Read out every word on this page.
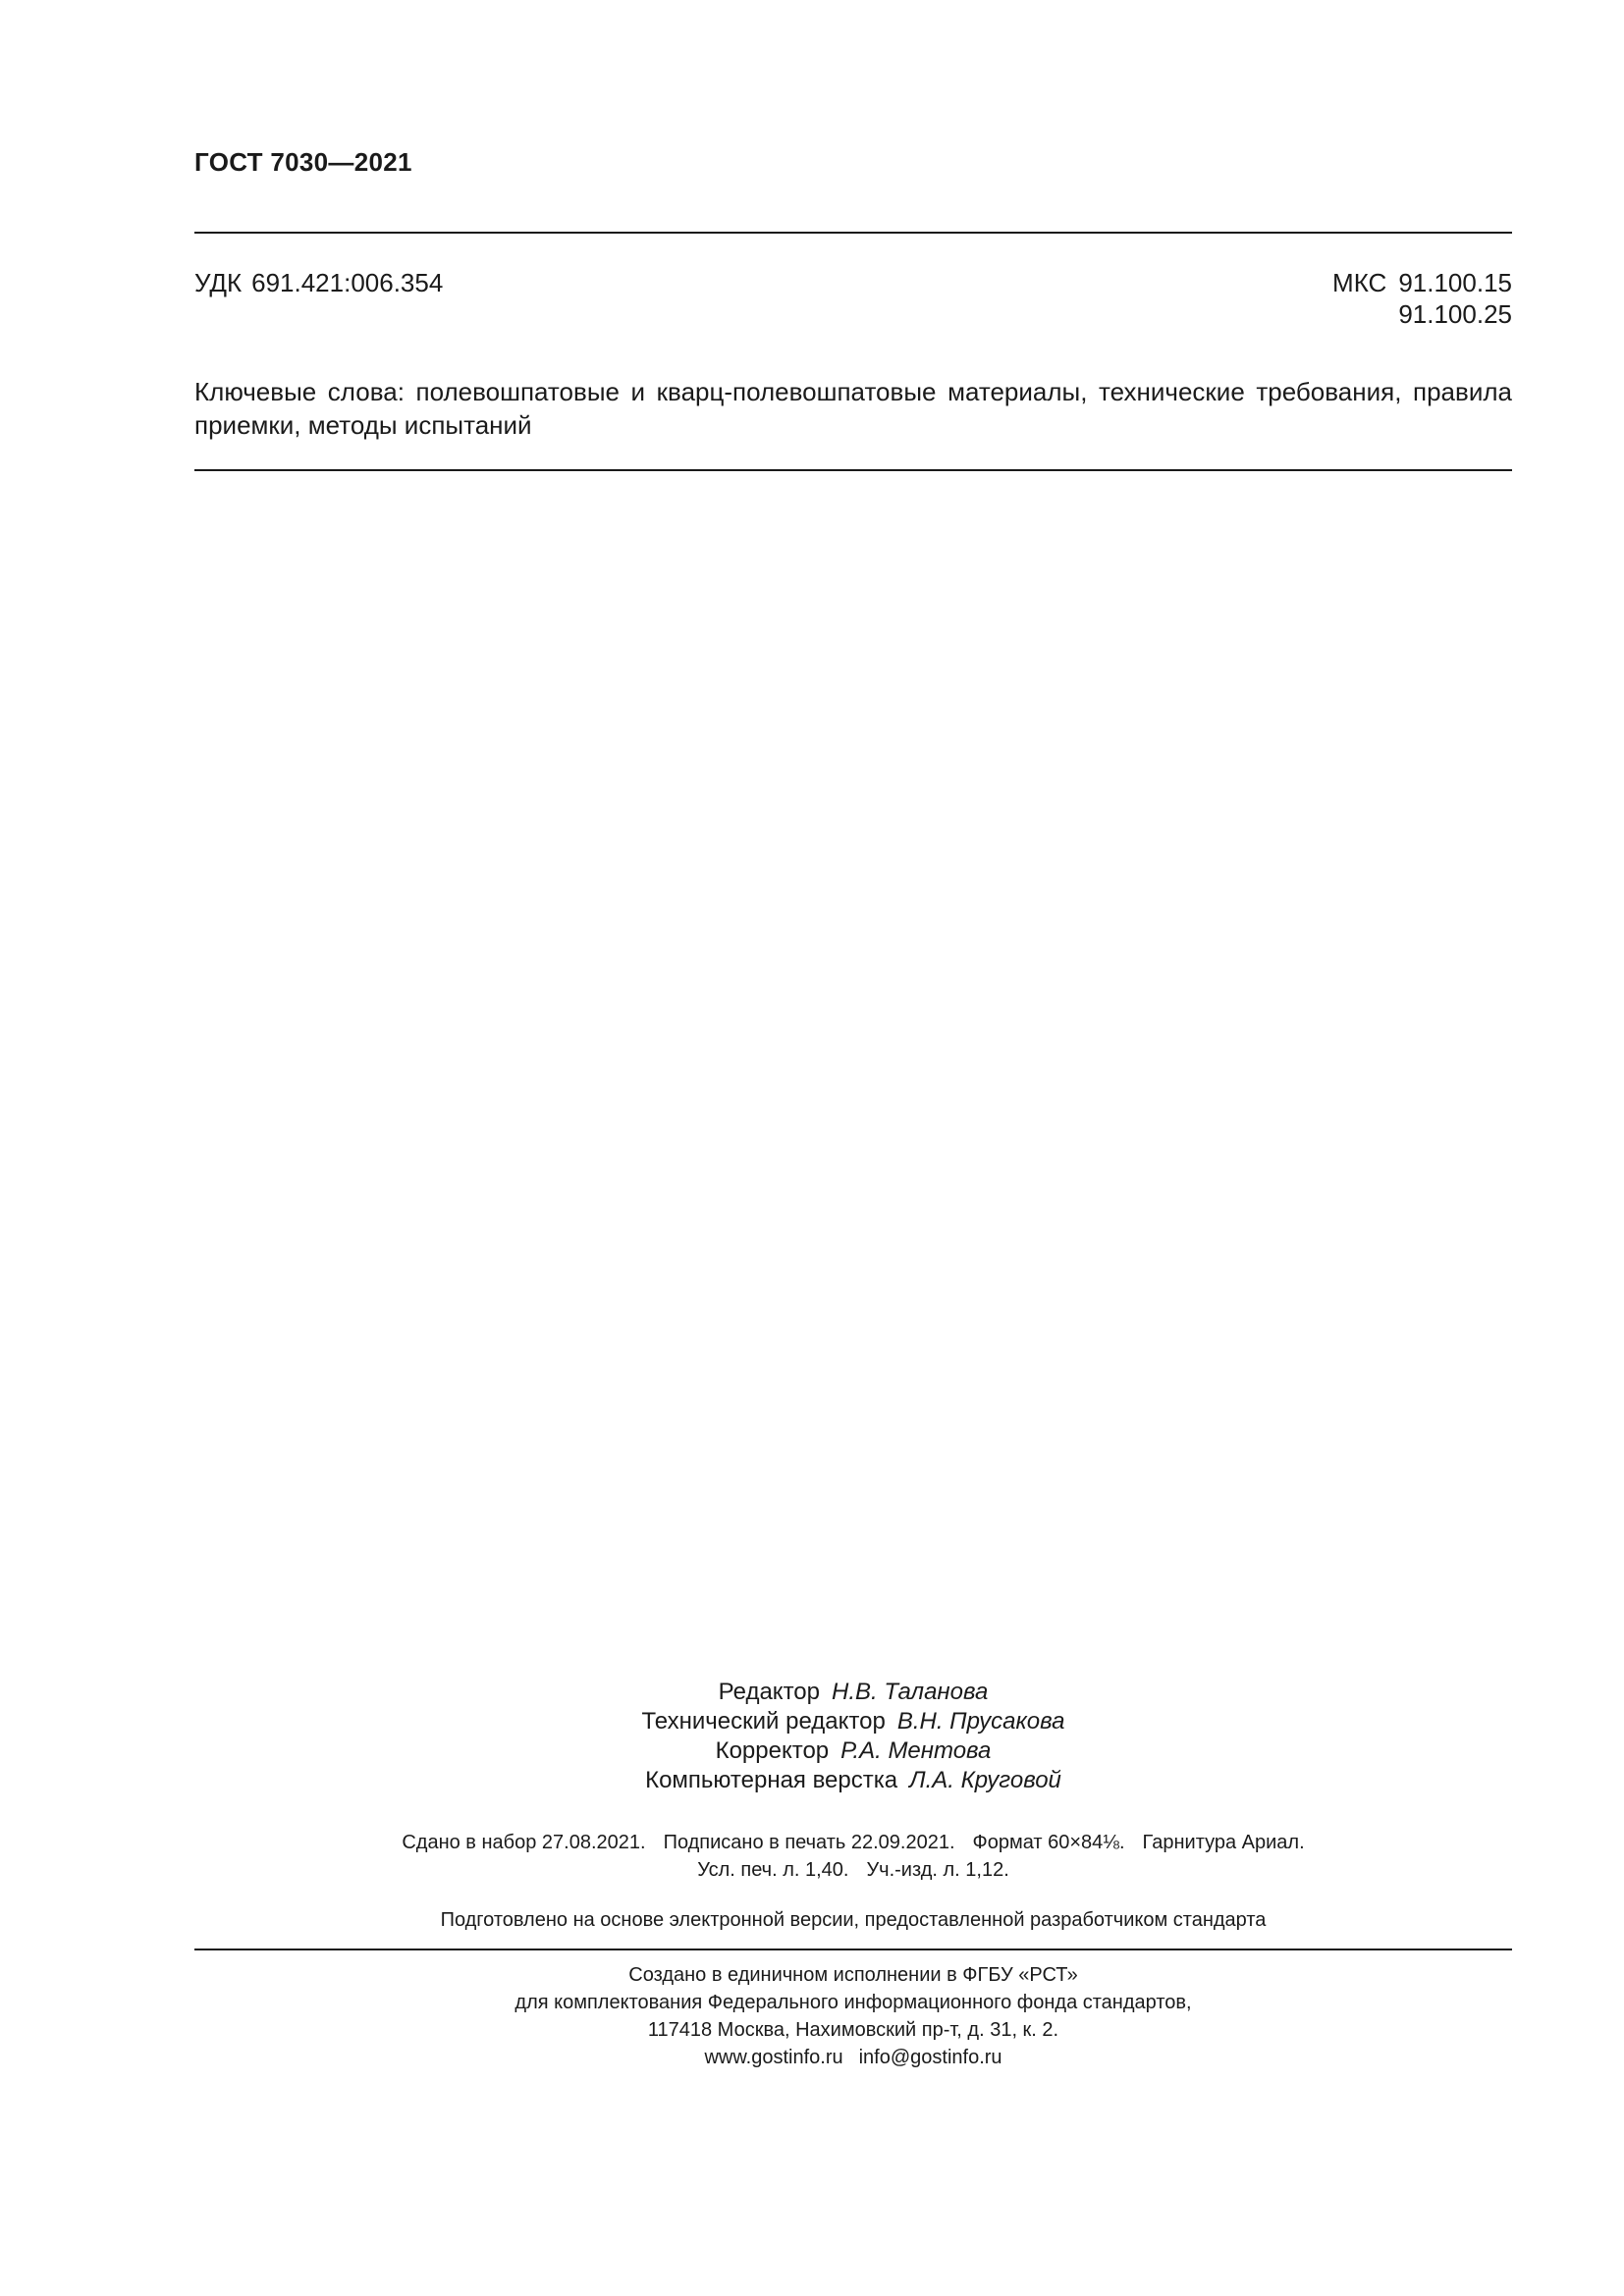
ГОСТ 7030—2021
УДК 691.421:006.354	МКС 91.100.15
91.100.25

Ключевые слова: полевошпатовые и кварц-полевошпатовые материалы, технические требования, правила приемки, методы испытаний

Редактор Н.В. Таланова
Технический редактор В.Н. Прусакова
Корректор Р.А. Ментова
Компьютерная верстка Л.А. Круговой
Сдано в набор 27.08.2021. Подписано в печать 22.09.2021. Формат 60×84⅛. Гарнитура Ариал.
Усл. печ. л. 1,40. Уч.-изд. л. 1,12.
Подготовлено на основе электронной версии, предоставленной разработчиком стандарта
Создано в единичном исполнении в ФГБУ «РСТ»
для комплектования Федерального информационного фонда стандартов,
117418 Москва, Нахимовский пр-т, д. 31, к. 2.
www.gostinfo.ru info@gostinfo.ru
